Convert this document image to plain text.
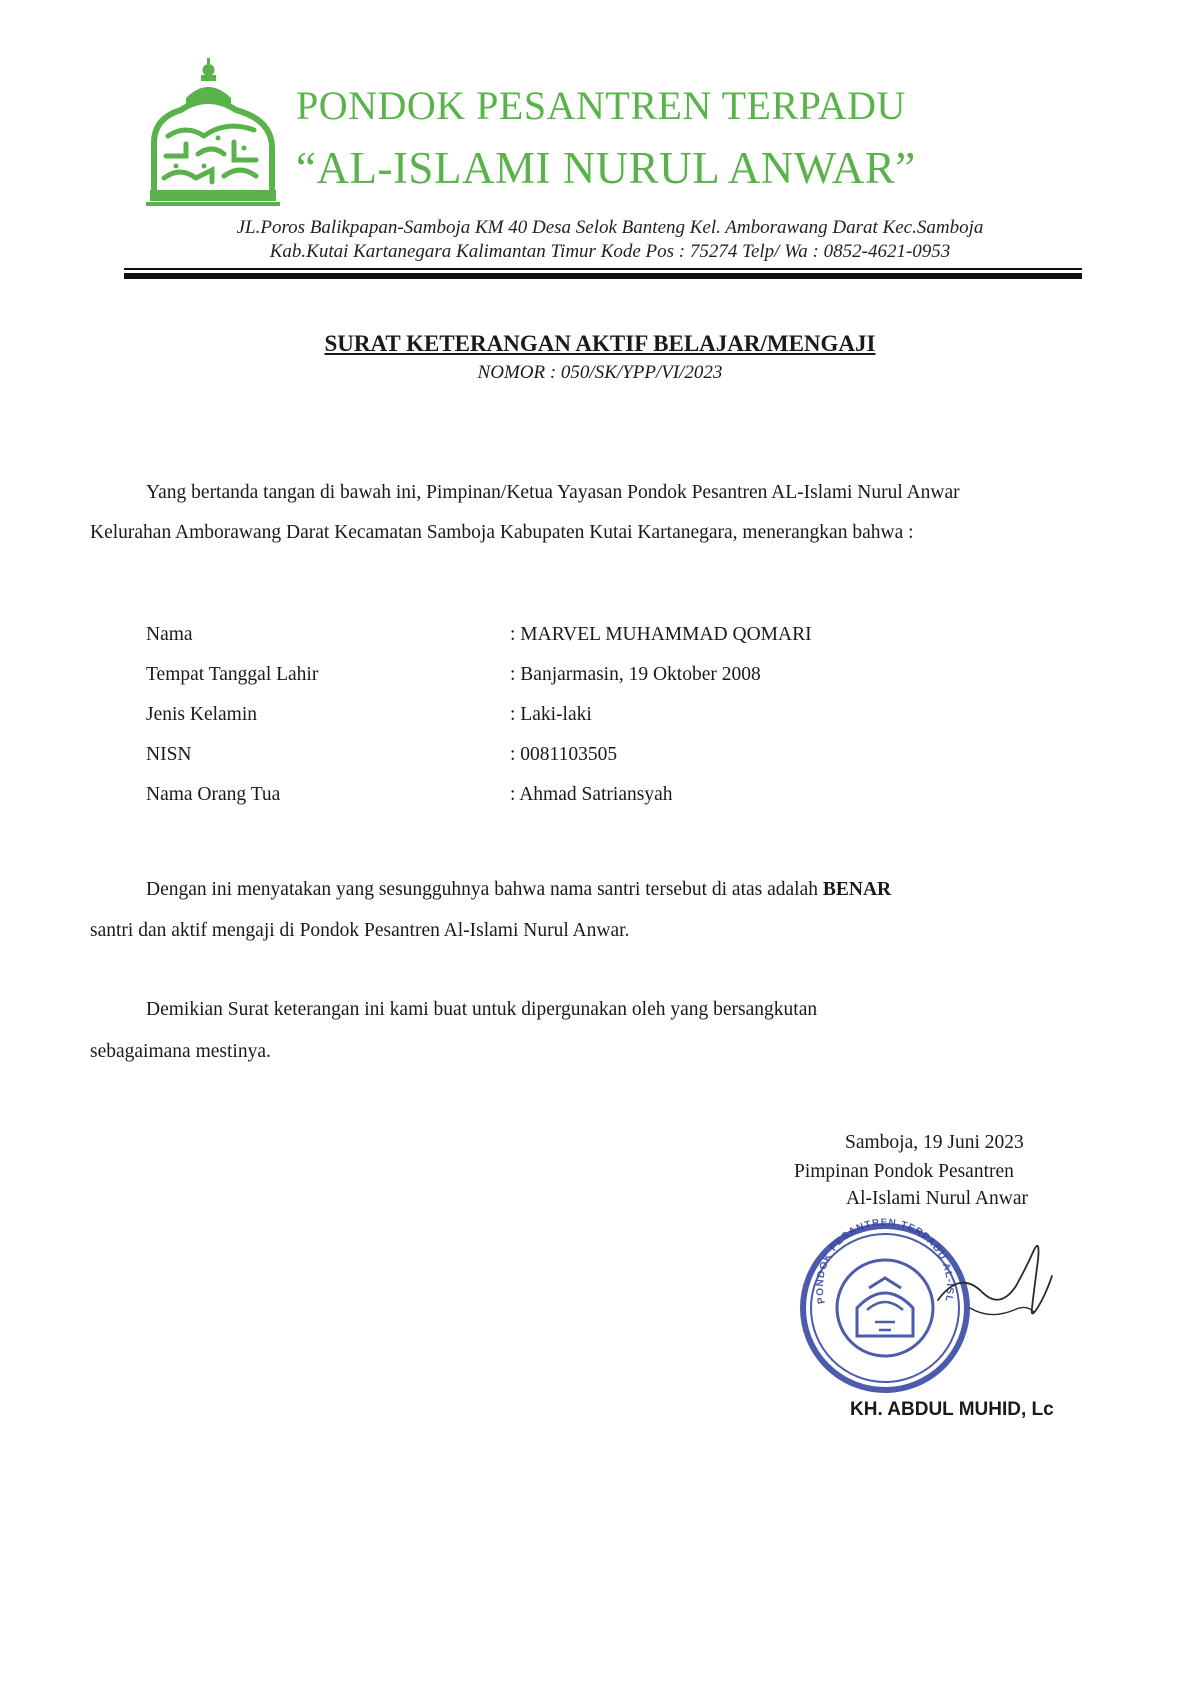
PONDOK PESANTREN TERPADU
“AL-ISLAMI NURUL ANWAR”
JL.Poros Balikpapan-Samboja KM 40 Desa Selok Banteng Kel. Amborawang Darat Kec.Samboja
Kab.Kutai Kartanegara Kalimantan Timur Kode Pos : 75274 Telp/ Wa : 0852-4621-0953
SURAT KETERANGAN AKTIF BELAJAR/MENGAJI
NOMOR : 050/SK/YPP/VI/2023
Yang bertanda tangan di bawah ini, Pimpinan/Ketua Yayasan Pondok Pesantren AL-Islami Nurul Anwar
Kelurahan Amborawang Darat Kecamatan Samboja Kabupaten Kutai Kartanegara, menerangkan bahwa :
Nama	: MARVEL MUHAMMAD QOMARI
Tempat Tanggal Lahir	: Banjarmasin, 19 Oktober 2008
Jenis Kelamin	: Laki-laki
NISN	: 0081103505
Nama Orang Tua	: Ahmad Satriansyah
Dengan ini menyatakan yang sesungguhnya bahwa nama santri tersebut di atas adalah BENAR
santri dan aktif mengaji di Pondok Pesantren Al-Islami Nurul Anwar.
Demikian Surat keterangan ini kami buat untuk dipergunakan oleh yang bersangkutan
sebagaimana mestinya.
Samboja, 19 Juni 2023
Pimpinan Pondok Pesantren
Al-Islami Nurul Anwar
PONDOK PESANTREN TERPADU AL-ISL
KH. ABDUL MUHID, Lc
